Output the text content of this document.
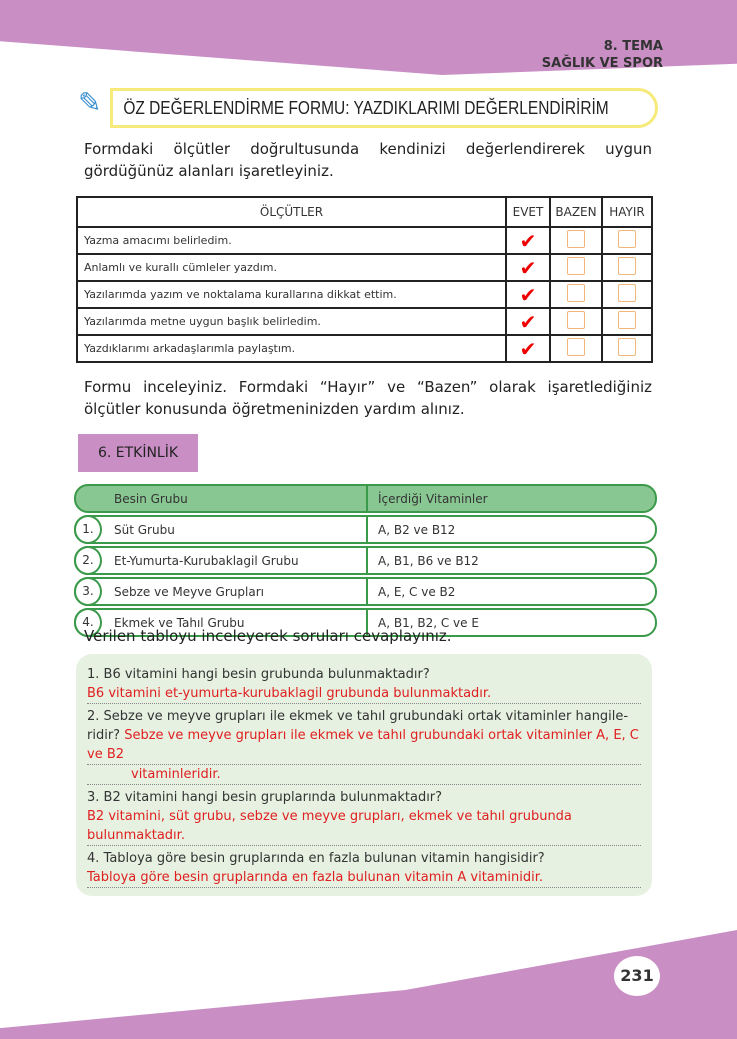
8. TEMA
SAĞLIK VE SPOR
✎	ÖZ DEĞERLENDİRME FORMU: YAZDIKLARIMI DEĞERLENDİRİRİM
Formdaki ölçütler doğrultusunda kendinizi değerlendirerek uygun gördüğünüz alanları işaretleyiniz.
ÖLÇÜTLER	EVET	BAZEN	HAYIR
Yazma amacımı belirledim.	✔		
Anlamlı ve kurallı cümleler yazdım.	✔		
Yazılarımda yazım ve noktalama kurallarına dikkat ettim.	✔		
Yazılarımda metne uygun başlık belirledim.	✔		
Yazdıklarımı arkadaşlarımla paylaştım.	✔		
Formu inceleyiniz. Formdaki “Hayır” ve “Bazen” olarak işaretlediğiniz ölçütler konusunda öğretmeninizden yardım alınız.
6. ETKİNLİK
Besin Grubu	İçerdiği Vitaminler
1.	Süt Grubu	A, B2 ve B12
2.	Et-Yumurta-Kurubaklagil Grubu	A, B1, B6 ve B12
3.	Sebze ve Meyve Grupları	A, E, C ve B2
4.	Ekmek ve Tahıl Grubu	A, B1, B2, C ve E
Verilen tabloyu inceleyerek soruları cevaplayınız.
1. B6 vitamini hangi besin grubunda bulunmaktadır?
B6 vitamini et-yumurta-kurubaklagil grubunda bulunmaktadır.
2. Sebze ve meyve grupları ile ekmek ve tahıl grubundaki ortak vitaminler hangile-
ridir? Sebze ve meyve grupları ile ekmek ve tahıl grubundaki ortak vitaminler A, E, C ve B2
vitaminleridir.
3. B2 vitamini hangi besin gruplarında bulunmaktadır?
B2 vitamini, süt grubu, sebze ve meyve grupları, ekmek ve tahıl grubunda bulunmaktadır.
4. Tabloya göre besin gruplarında en fazla bulunan vitamin hangisidir?
Tabloya göre besin gruplarında en fazla bulunan vitamin A vitaminidir.
231
